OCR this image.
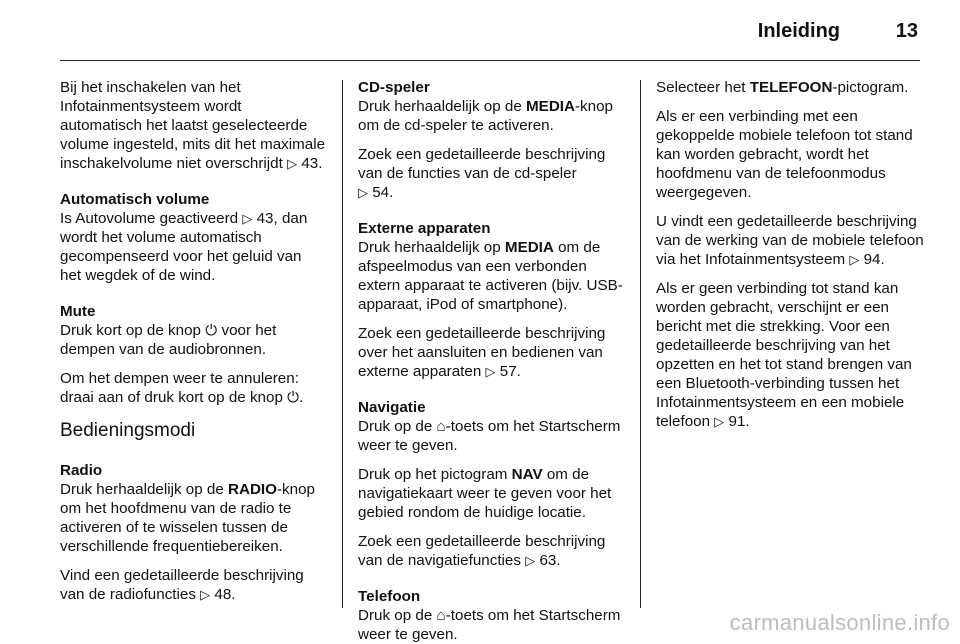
Inleiding	13
Bij het inschakelen van het Infotainmentsysteem wordt automatisch het laatst geselecteerde volume ingesteld, mits dit het maximale inschakelvolume niet overschrijdt ▷ 43.
Automatisch volume

Is Autovolume geactiveerd ▷ 43, dan wordt het volume automatisch gecompenseerd voor het geluid van het wegdek of de wind.

Mute

Druk kort op de knop ⏻ voor het dempen van de audiobronnen.

Om het dempen weer te annuleren: draai aan of druk kort op de knop ⏻.

Bedieningsmodi
Radio

Druk herhaaldelijk op de RADIO-knop om het hoofdmenu van de radio te activeren of te wisselen tussen de verschillende frequentiebereiken.

Vind een gedetailleerde beschrijving van de radiofuncties ▷ 48.

CD-speler

Druk herhaaldelijk op de MEDIA-knop om de cd-speler te activeren.

Zoek een gedetailleerde beschrijving van de functies van de cd-speler
▷ 54.

Externe apparaten

Druk herhaaldelijk op MEDIA om de afspeelmodus van een verbonden extern apparaat te activeren (bijv. USB-apparaat, iPod of smartphone).

Zoek een gedetailleerde beschrijving over het aansluiten en bedienen van externe apparaten ▷ 57.

Navigatie

Druk op de ⌂-toets om het Startscherm weer te geven.

Druk op het pictogram NAV om de navigatiekaart weer te geven voor het gebied rondom de huidige locatie.

Zoek een gedetailleerde beschrijving van de navigatiefuncties ▷ 63.

Telefoon

Druk op de ⌂-toets om het Startscherm weer te geven.

Selecteer het TELEFOON-pictogram.

Als er een verbinding met een gekoppelde mobiele telefoon tot stand kan worden gebracht, wordt het hoofdmenu van de telefoonmodus weergegeven.

U vindt een gedetailleerde beschrijving van de werking van de mobiele telefoon via het Infotainmentsysteem ▷ 94.

Als er geen verbinding tot stand kan worden gebracht, verschijnt er een bericht met die strekking. Voor een gedetailleerde beschrijving van het opzetten en het tot stand brengen van een Bluetooth-verbinding tussen het Infotainmentsysteem en een mobiele telefoon ▷ 91.

carmanualsonline.info
